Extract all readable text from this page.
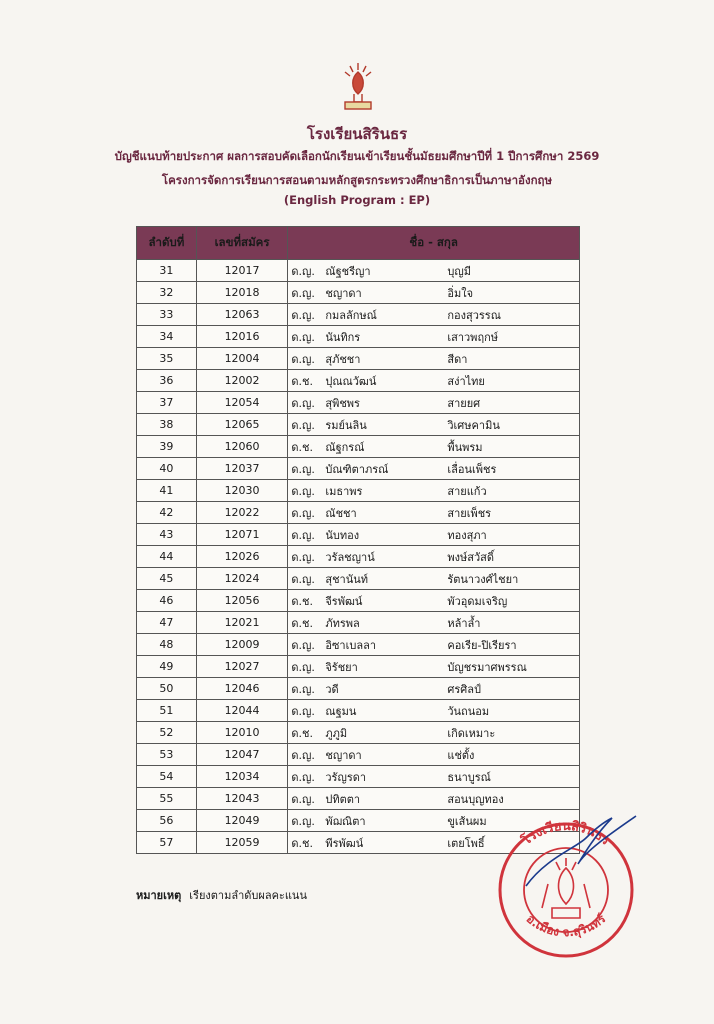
โรงเรียนสิรินธร
บัญชีแนบท้ายประกาศ ผลการสอบคัดเลือกนักเรียนเข้าเรียนชั้นมัธยมศึกษาปีที่ 1 ปีการศึกษา 2569
โครงการจัดการเรียนการสอนตามหลักสูตรกระทรวงศึกษาธิการเป็นภาษาอังกฤษ
(English Program : EP)
ลำดับที่	เลขที่สมัคร	ชื่อ - สกุล
31	12017	ด.ญ. ณัฐชรีญา บุญมี
32	12018	ด.ญ. ชญาดา อิ่มใจ
33	12063	ด.ญ. กมลลักษณ์ กองสุวรรณ
34	12016	ด.ญ. นันทิกร เสาวพฤกษ์
35	12004	ด.ญ. สุภัชชา สีดา
36	12002	ด.ช. ปุณณวัฒน์ สง่าไทย
37	12054	ด.ญ. สุพิชพร สายยศ
38	12065	ด.ญ. รมย์นลิน วิเศษคามิน
39	12060	ด.ช. ณัฐกรณ์ พื้นพรม
40	12037	ด.ญ. บัณฑิตาภรณ์ เลื่อนเพ็ชร
41	12030	ด.ญ. เมธาพร สายแก้ว
42	12022	ด.ญ. ณัชชา สายเพ็ชร
43	12071	ด.ญ. นับทอง ทองสุภา
44	12026	ด.ญ. วรัลชญาน์ พงษ์สวัสดิ์
45	12024	ด.ญ. สุชานันท์ รัตนาวงศ์ไชยา
46	12056	ด.ช. จีรพัฒน์ พัวอุดมเจริญ
47	12021	ด.ช. ภัทรพล หล้าล้ำ
48	12009	ด.ญ. อิซาเบลลา คอเรีย-ปิเรียรา
49	12027	ด.ญ. จิรัชยา บัญชรมาศพรรณ
50	12046	ด.ญ. วดี ศรศิลป์
51	12044	ด.ญ. ณฐมน วันถนอม
52	12010	ด.ช. ภูภูมิ เกิดเหมาะ
53	12047	ด.ญ. ชญาดา แช่ตั้ง
54	12034	ด.ญ. วรัญรดา ธนาบูรณ์
55	12043	ด.ญ. ปทิตตา สอนบุญทอง
56	12049	ด.ญ. พัฌณิตา ขูเส้นผม
57	12059	ด.ช. พีรพัฒน์ เตยโพธิ์
หมายเหตุ เรียงตามลำดับผลคะแนน
โรงเรียนสิรินธร
อ.เมือง จ.สุรินทร์
